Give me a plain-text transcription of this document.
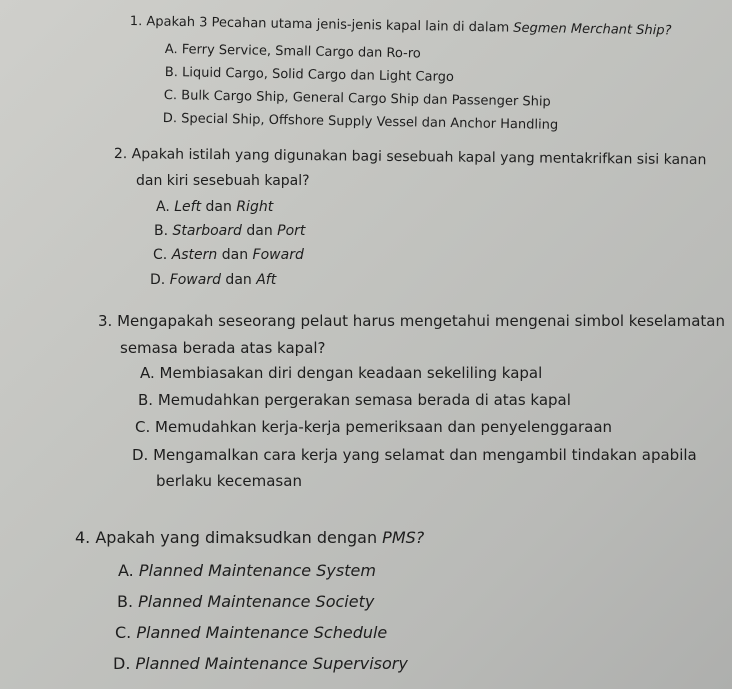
1. Apakah 3 Pecahan utama jenis-jenis kapal lain di dalam Segmen Merchant Ship?
A. Ferry Service, Small Cargo dan Ro-ro
B. Liquid Cargo, Solid Cargo dan Light Cargo
C. Bulk Cargo Ship, General Cargo Ship dan Passenger Ship
D. Special Ship, Offshore Supply Vessel dan Anchor Handling
2. Apakah istilah yang digunakan bagi sesebuah kapal yang mentakrifkan sisi kanan
dan kiri sesebuah kapal?
A. Left dan Right
B. Starboard dan Port
C. Astern dan Foward
D. Foward dan Aft
3. Mengapakah seseorang pelaut harus mengetahui mengenai simbol keselamatan
semasa berada atas kapal?
A. Membiasakan diri dengan keadaan sekeliling kapal
B. Memudahkan pergerakan semasa berada di atas kapal
C. Memudahkan kerja-kerja pemeriksaan dan penyelenggaraan
D. Mengamalkan cara kerja yang selamat dan mengambil tindakan apabila
berlaku kecemasan
4. Apakah yang dimaksudkan dengan PMS?
A. Planned Maintenance System
B. Planned Maintenance Society
C. Planned Maintenance Schedule
D. Planned Maintenance Supervisory
